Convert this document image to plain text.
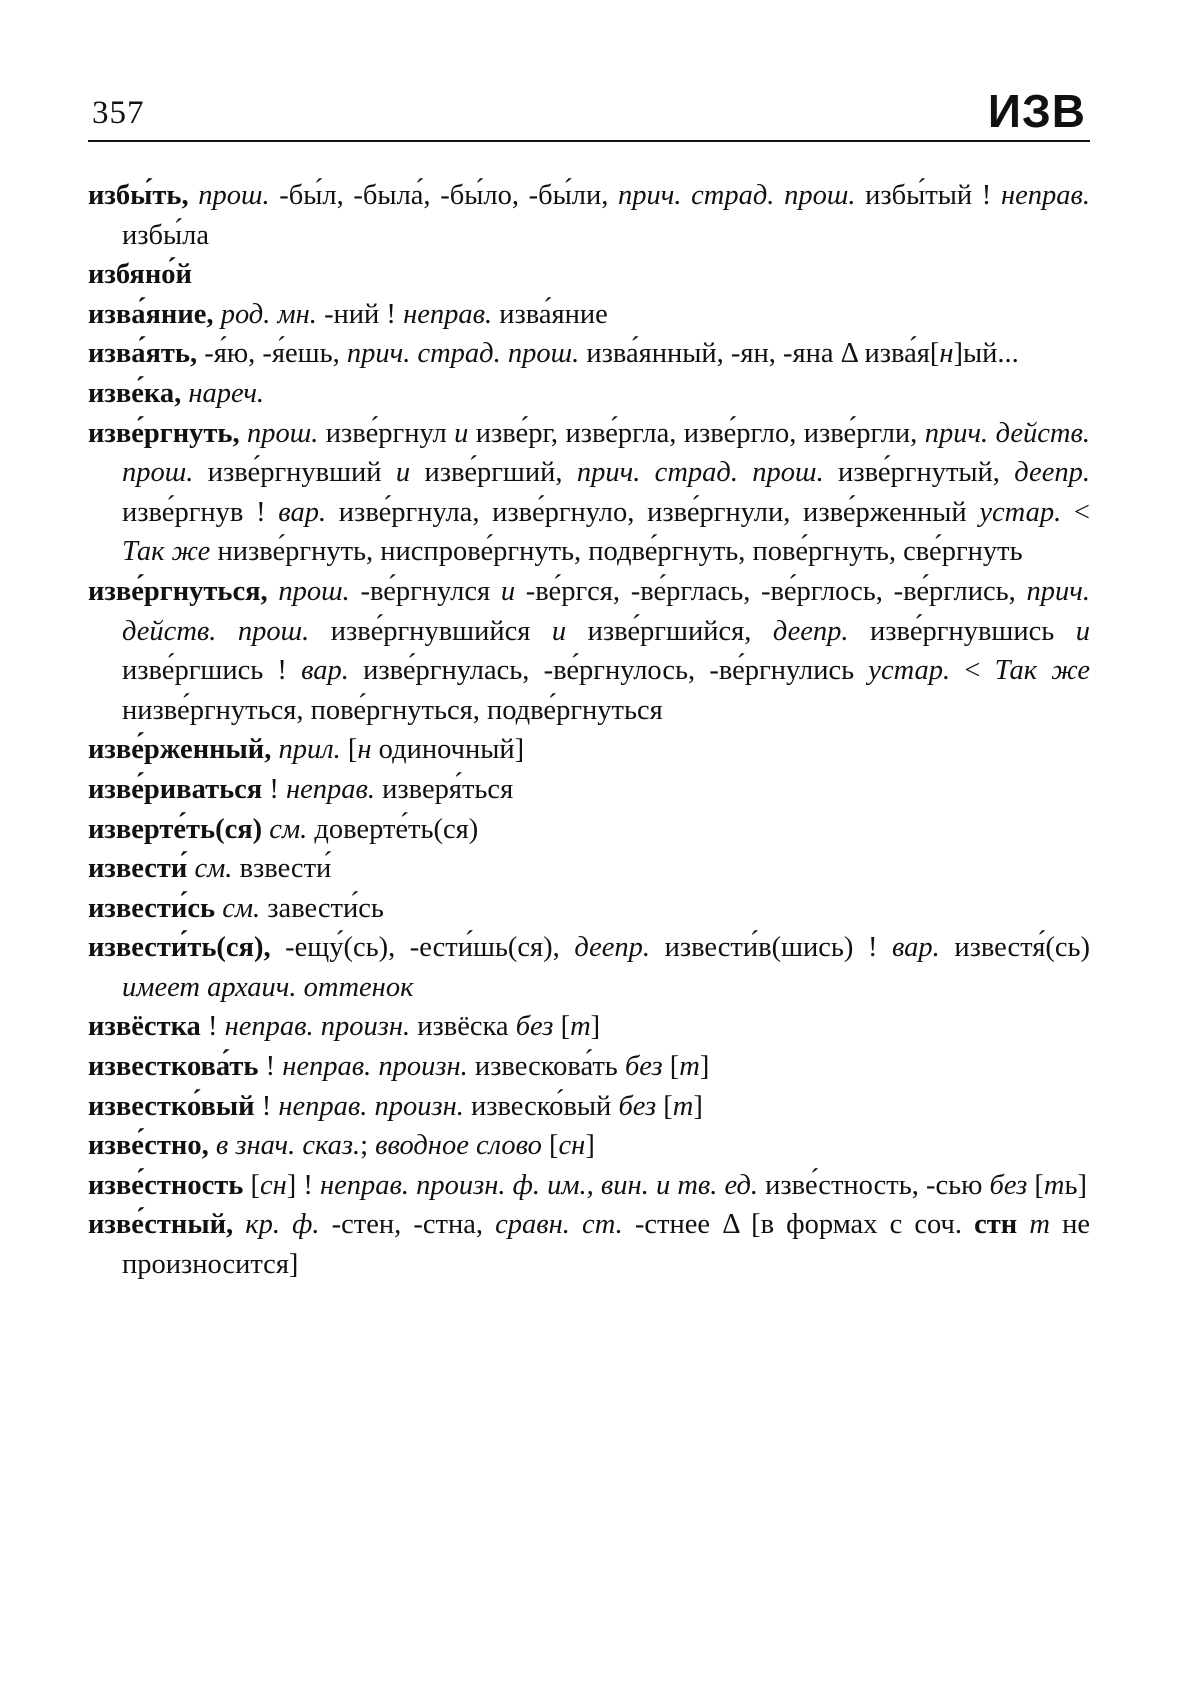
357	ИЗВ

избы́ть, прош. -бы́л, -была́, -бы́ло, -бы́ли, прич. страд. прош. избы́тый ! неправ. избы́ла

избяно́й

изва́яние, род. мн. -ний ! неправ. изва́яние

изва́ять, -я́ю, -я́ешь, прич. страд. прош. изва́янный, -ян, -яна Δ изва́я[н]ый...

изве́ка, нареч.

изве́ргнуть, прош. изве́ргнул и изве́рг, изве́ргла, изве́ргло, изве́ргли, прич. действ. прош. изве́ргнувший и изве́ргший, прич. страд. прош. изве́ргнутый, деепр. изве́ргнув ! вар. изве́ргнула, изве́ргнуло, изве́ргнули, изве́рженный устар. < Так же низве́ргнуть, ниспрове́ргнуть, подве́ргнуть, пове́ргнуть, све́ргнуть

изве́ргнуться, прош. -ве́ргнулся и -ве́ргся, -ве́рглась, -ве́рглось, -ве́рглись, прич. действ. прош. изве́ргнувшийся и изве́ргшийся, деепр. изве́ргнувшись и изве́ргшись ! вар. изве́ргнулась, -ве́ргнулось, -ве́ргнулись устар. < Так же низве́ргнуться, пове́ргнуться, подве́ргнуться

изве́рженный, прил. [н одиночный]

изве́риваться ! неправ. изверя́ться

изверте́ть(ся) см. доверте́ть(ся)

извести́ см. взвести́

извести́сь см. завести́сь

извести́ть(ся), -ещу́(сь), -ести́шь(ся), деепр. извести́в(шись) ! вар. известя́(сь) имеет архаич. оттенок

извёстка ! неправ. произн. извёска без [т]

известкова́ть ! неправ. произн. извескова́ть без [т]

известко́вый ! неправ. произн. извеско́вый без [т]

изве́стно, в знач. сказ.; вводное слово [сн]

изве́стность [сн] ! неправ. произн. ф. им., вин. и тв. ед. изве́стность, -сью без [ть]

изве́стный, кр. ф. -стен, -стна, сравн. ст. -стнее Δ [в формах с соч. стн т не произносится]
